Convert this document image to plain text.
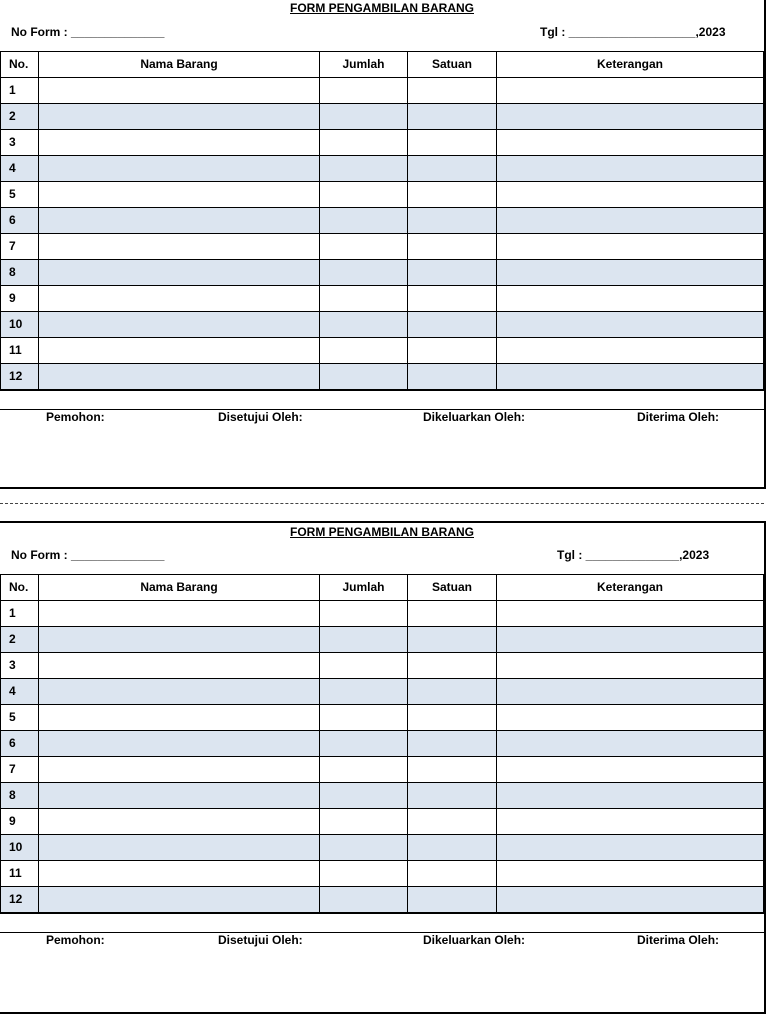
FORM PENGAMBILAN BARANG
No Form : ______________	Tgl : ___________________,2023
No.	Nama Barang	Jumlah	Satuan	Keterangan
1				
2				
3				
4				
5				
6				
7				
8				
9				
10				
11				
12				
Pemohon:	Disetujui Oleh:	Dikeluarkan Oleh:	Diterima Oleh:
FORM PENGAMBILAN BARANG
No Form : ______________	Tgl : ______________,2023
No.	Nama Barang	Jumlah	Satuan	Keterangan
1				
2				
3				
4				
5				
6				
7				
8				
9				
10				
11				
12				
Pemohon:	Disetujui Oleh:	Dikeluarkan Oleh:	Diterima Oleh:
